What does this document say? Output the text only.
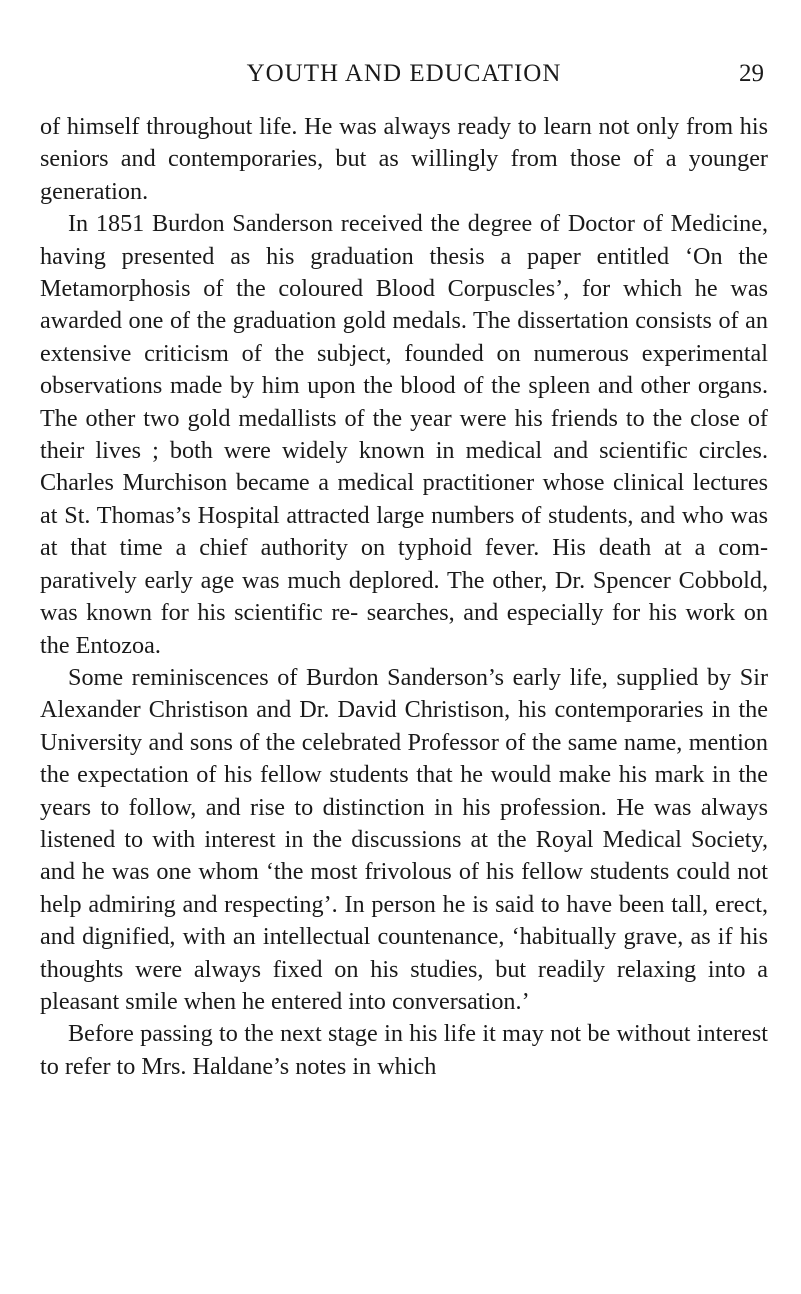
YOUTH AND EDUCATION	29

of himself throughout life. He was always ready to learn not only from his seniors and contemporaries, but as willingly from those of a younger generation.

In 1851 Burdon Sanderson received the degree of Doctor of Medicine, having presented as his graduation thesis a paper entitled ‘On the Metamorphosis of the coloured Blood Corpuscles’, for which he was awarded one of the graduation gold medals. The dissertation consists of an extensive criticism of the subject, founded on numerous experimental observations made by him upon the blood of the spleen and other organs. The other two gold medallists of the year were his friends to the close of their lives ; both were widely known in medical and scientific circles. Charles Murchison became a medical practitioner whose clinical lectures at St. Thomas’s Hospital attracted large numbers of students, and who was at that time a chief authority on typhoid fever. His death at a com- paratively early age was much deplored. The other, Dr. Spencer Cobbold, was known for his scientific re- searches, and especially for his work on the Entozoa.

Some reminiscences of Burdon Sanderson’s early life, supplied by Sir Alexander Christison and Dr. David Christison, his contemporaries in the University and sons of the celebrated Professor of the same name, mention the expectation of his fellow students that he would make his mark in the years to follow, and rise to distinction in his profession. He was always listened to with interest in the discussions at the Royal Medical Society, and he was one whom ‘the most frivolous of his fellow students could not help admiring and respecting’. In person he is said to have been tall, erect, and dignified, with an intellectual countenance, ‘habitually grave, as if his thoughts were always fixed on his studies, but readily relaxing into a pleasant smile when he entered into conversation.’

Before passing to the next stage in his life it may not be without interest to refer to Mrs. Haldane’s notes in which
